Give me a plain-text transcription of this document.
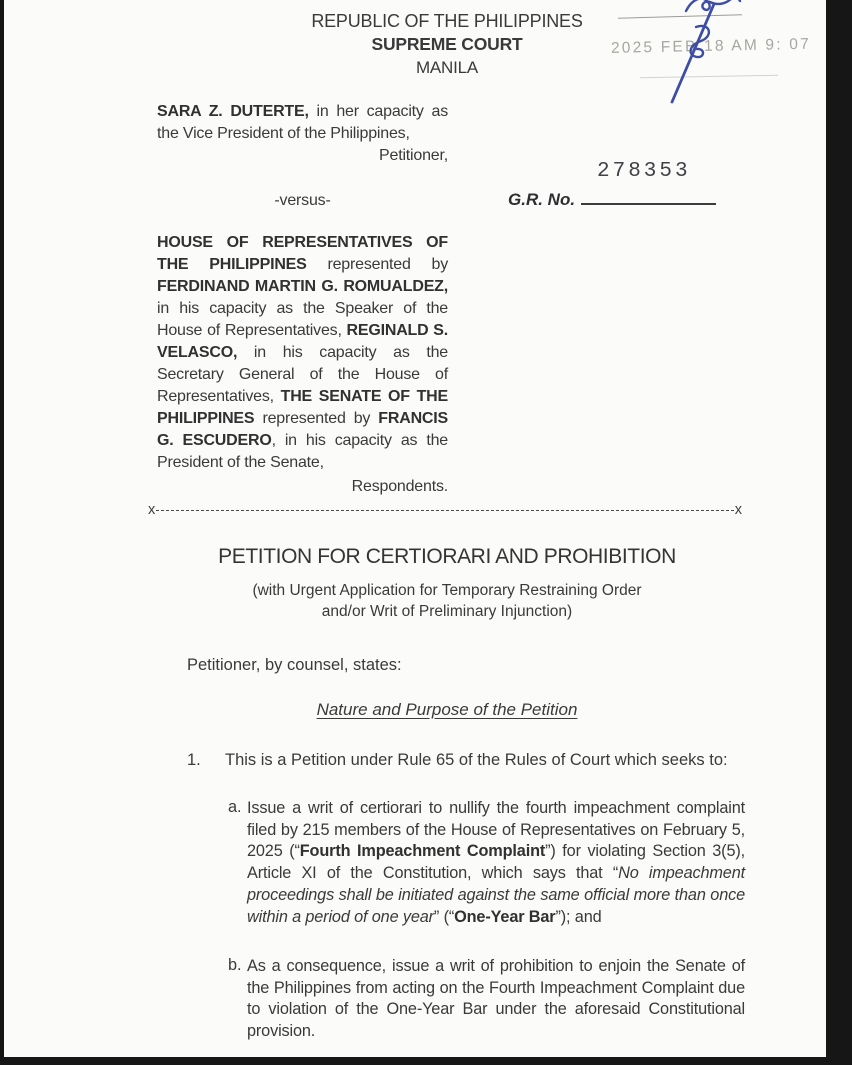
REPUBLIC OF THE PHILIPPINES
SUPREME COURT
MANILA
2025 FEB 18 AM 9: 07
SARA Z. DUTERTE, in her capacity as the Vice President of the Philippines,
Petitioner,
-versus-
278353
G.R. No.
HOUSE OF REPRESENTATIVES OF THE PHILIPPINES represented by FERDINAND MARTIN G. ROMUALDEZ, in his capacity as the Speaker of the House of Representatives, REGINALD S. VELASCO, in his capacity as the Secretary General of the House of Representatives, THE SENATE OF THE PHILIPPINES represented by FRANCIS G. ESCUDERO, in his capacity as the President of the Senate,
Respondents.
x	x
PETITION FOR CERTIORARI AND PROHIBITION
(with Urgent Application for Temporary Restraining Order
and/or Writ of Preliminary Injunction)
Petitioner, by counsel, states:
Nature and Purpose of the Petition
1.	This is a Petition under Rule 65 of the Rules of Court which seeks to:
a. Issue a writ of certiorari to nullify the fourth impeachment complaint filed by 215 members of the House of Representatives on February 5, 2025 (“Fourth Impeachment Complaint”) for violating Section 3(5), Article XI of the Constitution, which says that “No impeachment proceedings shall be initiated against the same official more than once within a period of one year” (“One-Year Bar”); and
b. As a consequence, issue a writ of prohibition to enjoin the Senate of the Philippines from acting on the Fourth Impeachment Complaint due to violation of the One-Year Bar under the aforesaid Constitutional provision.
